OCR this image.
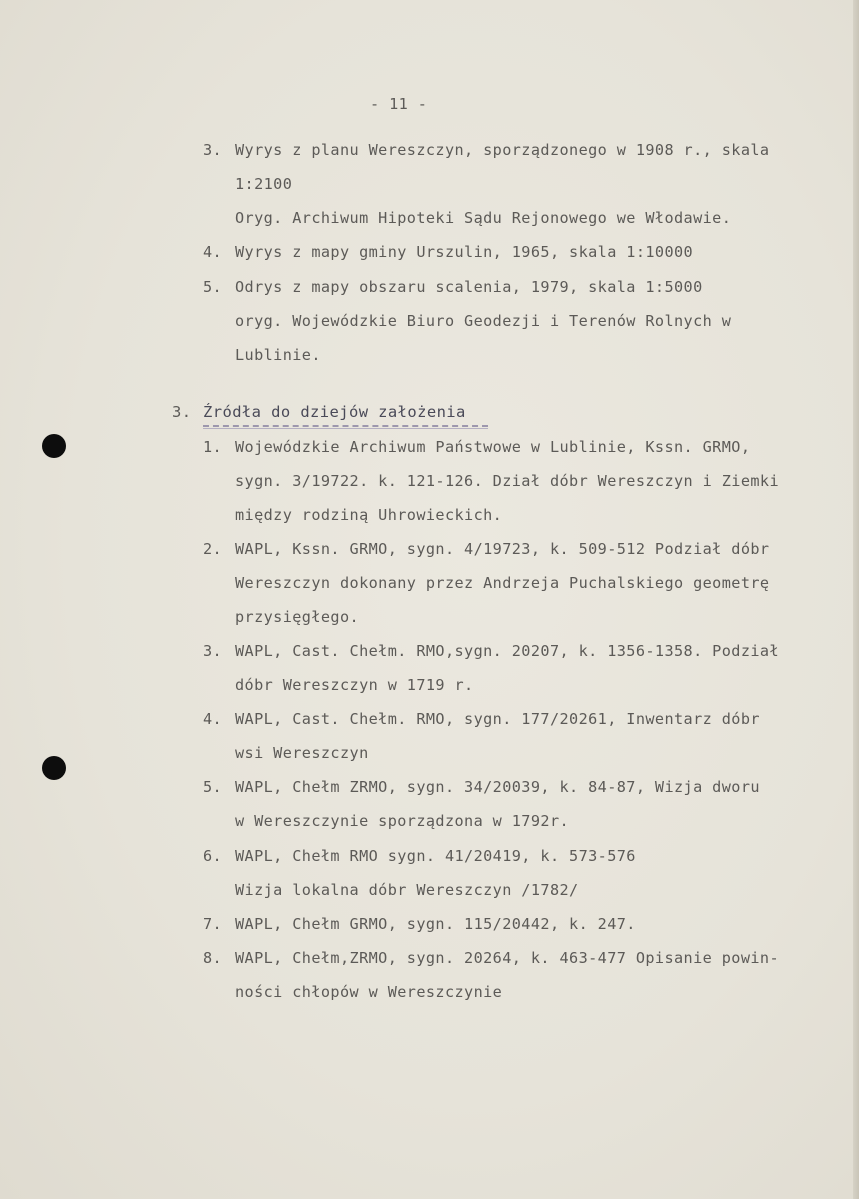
- 11 -
3. Wyrys z planu Wereszczyn, sporządzonego w 1908 r., skala
1:2100
Oryg. Archiwum Hipoteki Sądu Rejonowego we Włodawie.
4. Wyrys z mapy gminy Urszulin, 1965, skala 1:10000
5. Odrys z mapy obszaru scalenia, 1979, skala 1:5000
oryg. Wojewódzkie Biuro Geodezji i Terenów Rolnych w
Lublinie.
3. Źródła do dziejów założenia
1. Wojewódzkie Archiwum Państwowe w Lublinie, Kssn. GRMO,
sygn. 3/19722. k. 121-126. Dział dóbr Wereszczyn i Ziemki
między rodziną Uhrowieckich.
2. WAPL, Kssn. GRMO, sygn. 4/19723, k. 509-512 Podział dóbr
Wereszczyn dokonany przez Andrzeja Puchalskiego geometrę
przysięgłego.
3. WAPL, Cast. Chełm. RMO,sygn. 20207, k. 1356-1358. Podział
dóbr Wereszczyn w 1719 r.
4. WAPL, Cast. Chełm. RMO, sygn. 177/20261, Inwentarz dóbr
wsi Wereszczyn
5. WAPL, Chełm ZRMO, sygn. 34/20039, k. 84-87, Wizja dworu
w Wereszczynie sporządzona w 1792r.
6. WAPL, Chełm RMO sygn. 41/20419, k. 573-576
Wizja lokalna dóbr Wereszczyn /1782/
7. WAPL, Chełm GRMO, sygn. 115/20442, k. 247.
8. WAPL, Chełm,ZRMO, sygn. 20264, k. 463-477 Opisanie powin-
ności chłopów w Wereszczynie
